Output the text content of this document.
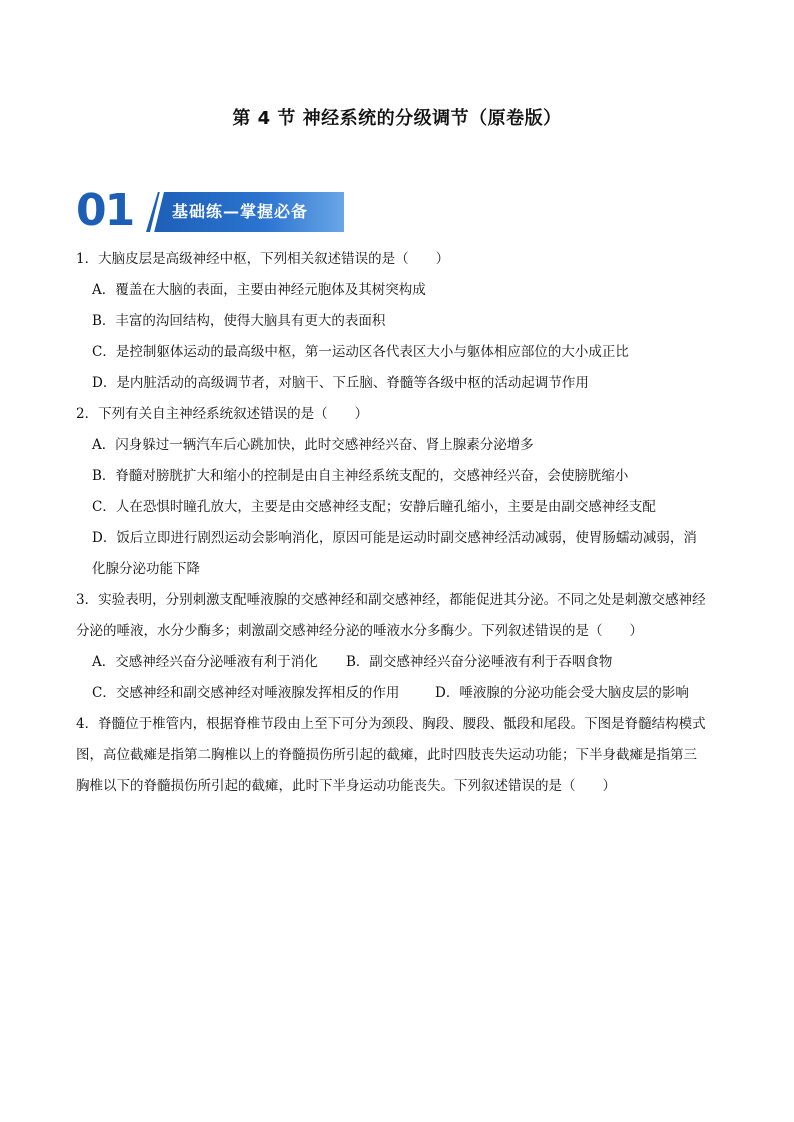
第 4 节 神经系统的分级调节（原卷版）
01	基础练—掌握必备

1．大脑皮层是高级神经中枢，下列相关叙述错误的是（　　）

A．覆盖在大脑的表面，主要由神经元胞体及其树突构成

B．丰富的沟回结构，使得大脑具有更大的表面积

C．是控制躯体运动的最高级中枢，第一运动区各代表区大小与躯体相应部位的大小成正比

D．是内脏活动的高级调节者，对脑干、下丘脑、脊髓等各级中枢的活动起调节作用

2．下列有关自主神经系统叙述错误的是（　　）

A．闪身躲过一辆汽车后心跳加快，此时交感神经兴奋、肾上腺素分泌增多

B．脊髓对膀胱扩大和缩小的控制是由自主神经系统支配的，交感神经兴奋，会使膀胱缩小

C．人在恐惧时瞳孔放大，主要是由交感神经支配；安静后瞳孔缩小，主要是由副交感神经支配

D．饭后立即进行剧烈运动会影响消化，原因可能是运动时副交感神经活动减弱，使胃肠蠕动减弱，消

化腺分泌功能下降

3．实验表明，分别刺激支配唾液腺的交感神经和副交感神经，都能促进其分泌。不同之处是刺激交感神经

分泌的唾液，水分少酶多；刺激副交感神经分泌的唾液水分多酶少。下列叙述错误的是（　　）

A．交感神经兴奋分泌唾液有利于消化	B．副交感神经兴奋分泌唾液有利于吞咽食物
C．交感神经和副交感神经对唾液腺发挥相反的作用	D．唾液腺的分泌功能会受大脑皮层的影响

4．脊髓位于椎管内，根据脊椎节段由上至下可分为颈段、胸段、腰段、骶段和尾段。下图是脊髓结构模式

图，高位截瘫是指第二胸椎以上的脊髓损伤所引起的截瘫，此时四肢丧失运动功能；下半身截瘫是指第三

胸椎以下的脊髓损伤所引起的截瘫，此时下半身运动功能丧失。下列叙述错误的是（　　）
